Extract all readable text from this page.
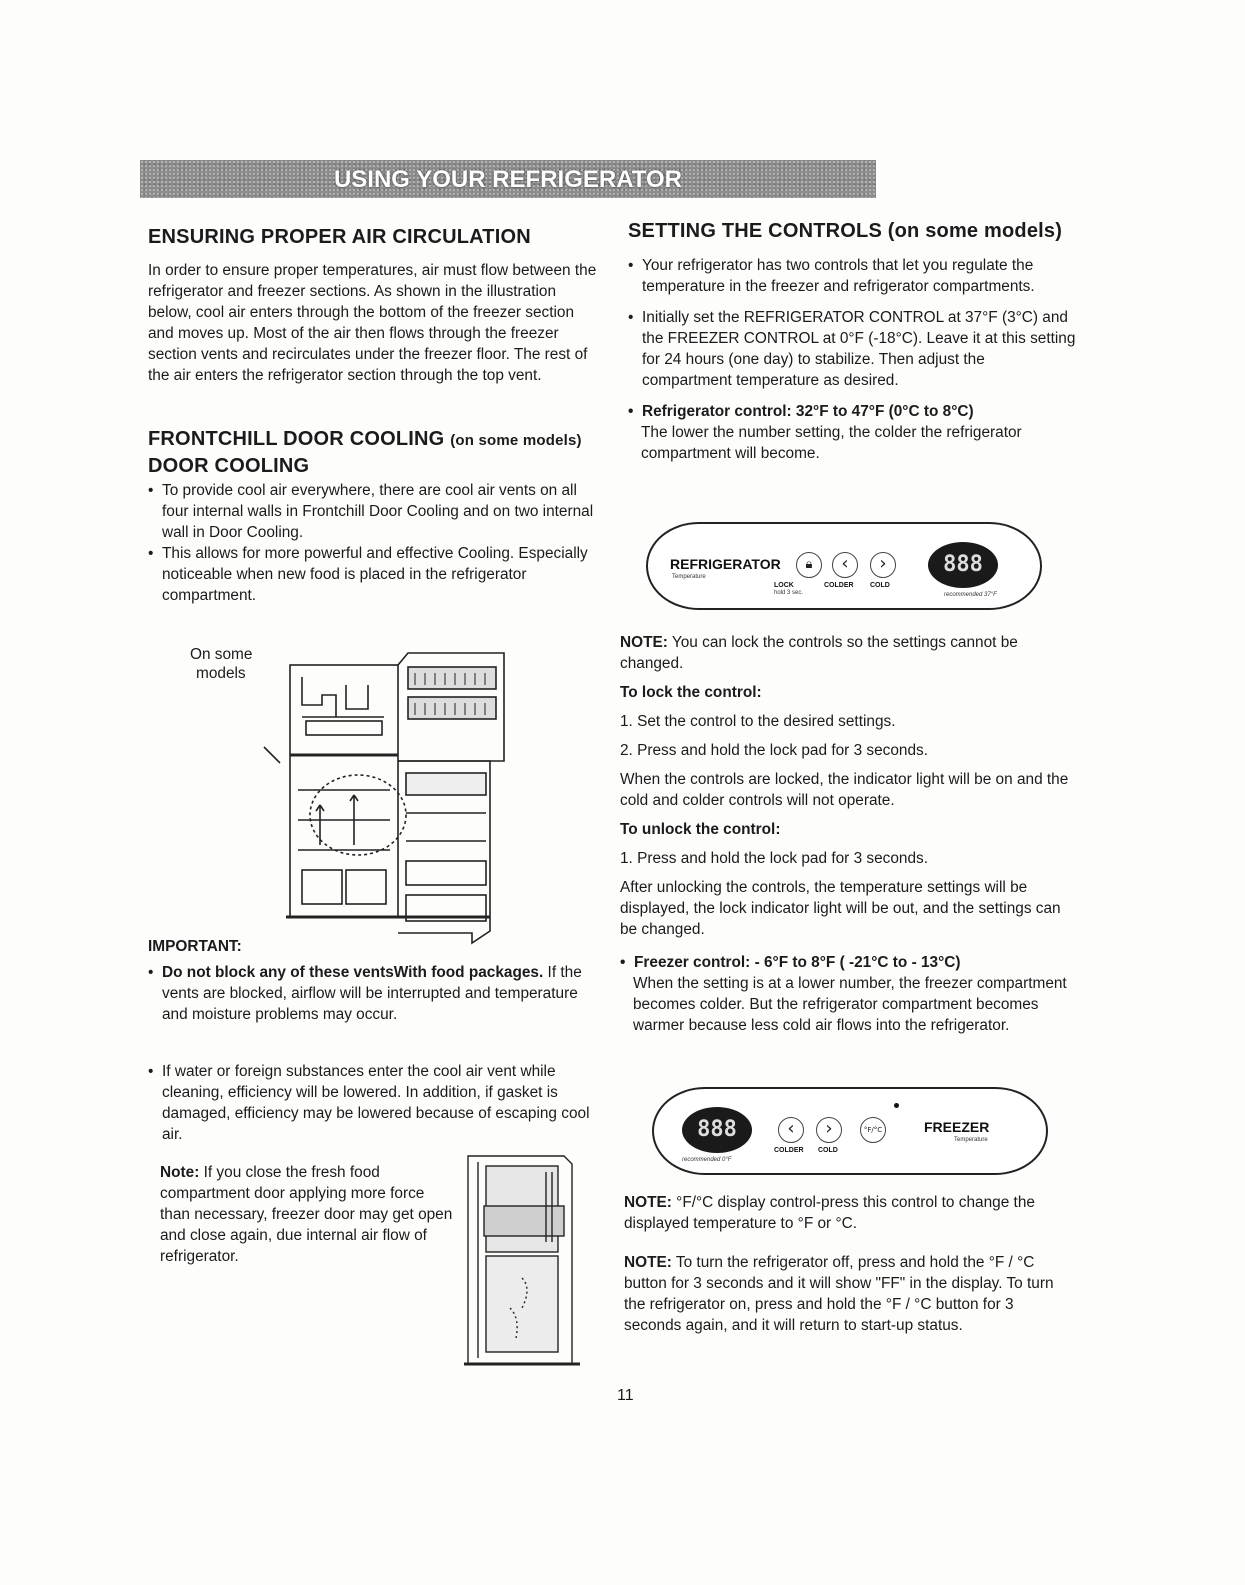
USING YOUR REFRIGERATOR
ENSURING PROPER AIR CIRCULATION

In order to ensure proper temperatures, air must flow between the refrigerator and freezer sections. As shown in the illustration below, cool air enters through the bottom of the freezer section and moves up. Most of the air then flows through the freezer section vents and recirculates under the freezer floor. The rest of the air enters the refrigerator section through the top vent.

FRONTCHILL DOOR COOLING (on some models)
DOOR COOLING
• To provide cool air everywhere, there are cool air vents on all four internal walls in Frontchill Door Cooling and on two internal wall in Door Cooling.
• This allows for more powerful and effective Cooling. Especially noticeable when new food is placed in the refrigerator compartment.
On some
models
IMPORTANT:
• Do not block any of these ventsWith food packages. If the vents are blocked, airflow will be interrupted and temperature and moisture problems may occur.
• If water or foreign substances enter the cool air vent while cleaning, efficiency will be lowered. In addition, if gasket is damaged, efficiency may be lowered because of escaping cool air.

Note: If you close the fresh food compartment door applying more force than necessary, freezer door may get open and close again, due internal air flow of refrigerator.

SETTING THE CONTROLS (on some models)
• Your refrigerator has two controls that let you regulate the temperature in the freezer and refrigerator compartments.
• Initially set the REFRIGERATOR CONTROL at 37°F (3°C) and the FREEZER CONTROL at 0°F (-18°C). Leave it at this setting for 24 hours (one day) to stabilize. Then adjust the compartment temperature as desired.
• Refrigerator control: 32°F to 47°F (0°C to 8°C)

The lower the number setting, the colder the refrigerator compartment will become.

REFRIGERATOR
Temperature
🔒︎	‹	›	888
LOCK
hold 3 sec.
COLDER COLD
recommended 37°F

NOTE: You can lock the controls so the settings cannot be changed.

To lock the control:

1. Set the control to the desired settings.

2. Press and hold the lock pad for 3 seconds.

When the controls are locked, the indicator light will be on and the cold and colder controls will not operate.

To unlock the control:

1. Press and hold the lock pad for 3 seconds.

After unlocking the controls, the temperature settings will be displayed, the lock indicator light will be out, and the settings can be changed.

• Freezer control: - 6°F to 8°F ( -21°C to - 13°C)

When the setting is at a lower number, the freezer compartment becomes colder. But the refrigerator compartment becomes warmer because less cold air flows into the refrigerator.

888	‹	›	°F/°C	FREEZER
Temperature
COLDER COLD
recommended 0°F

NOTE: °F/°C display control-press this control to change the displayed temperature to °F or °C.

NOTE: To turn the refrigerator off, press and hold the °F / °C button for 3 seconds and it will show "FF" in the display. To turn the refrigerator on, press and hold the °F / °C button for 3 seconds again, and it will return to start-up status.

11
